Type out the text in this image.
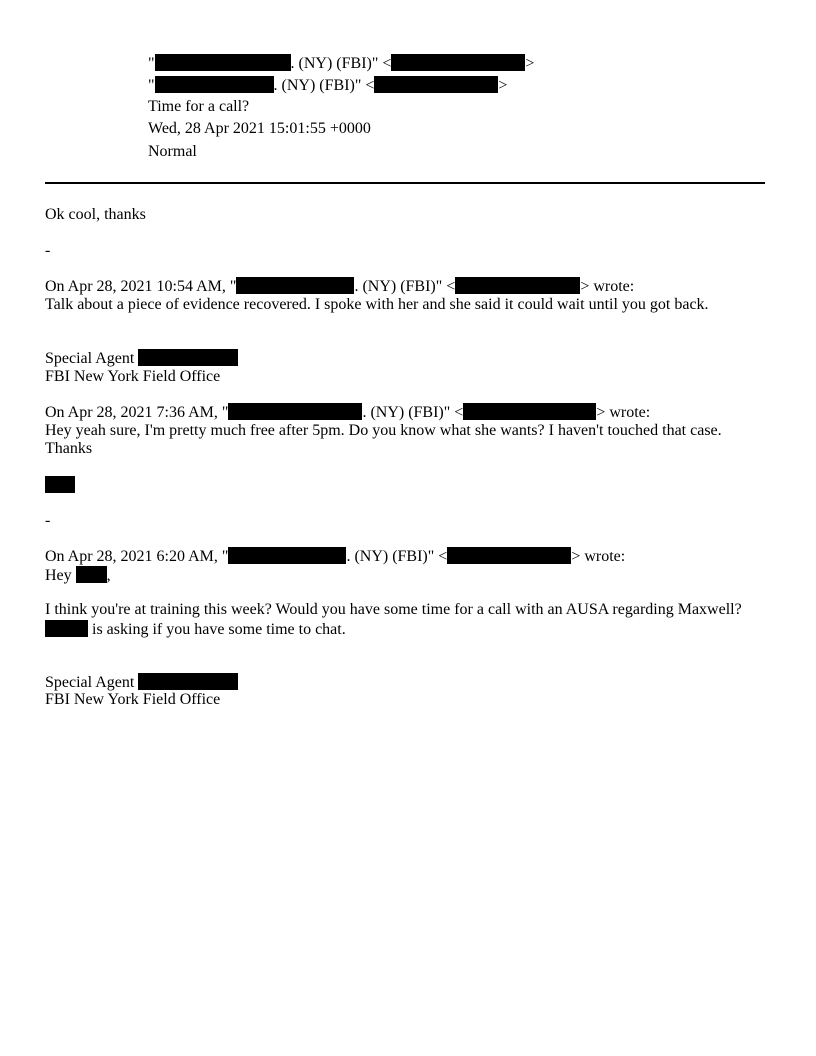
"	. (NY) (FBI)" <	>
"	. (NY) (FBI)" <	>
Time for a call?
Wed, 28 Apr 2021 15:01:55 +0000
Normal
Ok cool, thanks
-
On Apr 28, 2021 10:54 AM, "	. (NY) (FBI)" <	> wrote:
Talk about a piece of evidence recovered. I spoke with her and she said it could wait until you got back.
Special Agent
FBI New York Field Office
On Apr 28, 2021 7:36 AM, "	. (NY) (FBI)" <	> wrote:
Hey yeah sure, I'm pretty much free after 5pm. Do you know what she wants? I haven't touched that case.
Thanks
-
On Apr 28, 2021 6:20 AM, "	. (NY) (FBI)" <	> wrote:
Hey ,
I think you're at training this week? Would you have some time for a call with an AUSA regarding Maxwell?
is asking if you have some time to chat.
Special Agent
FBI New York Field Office
